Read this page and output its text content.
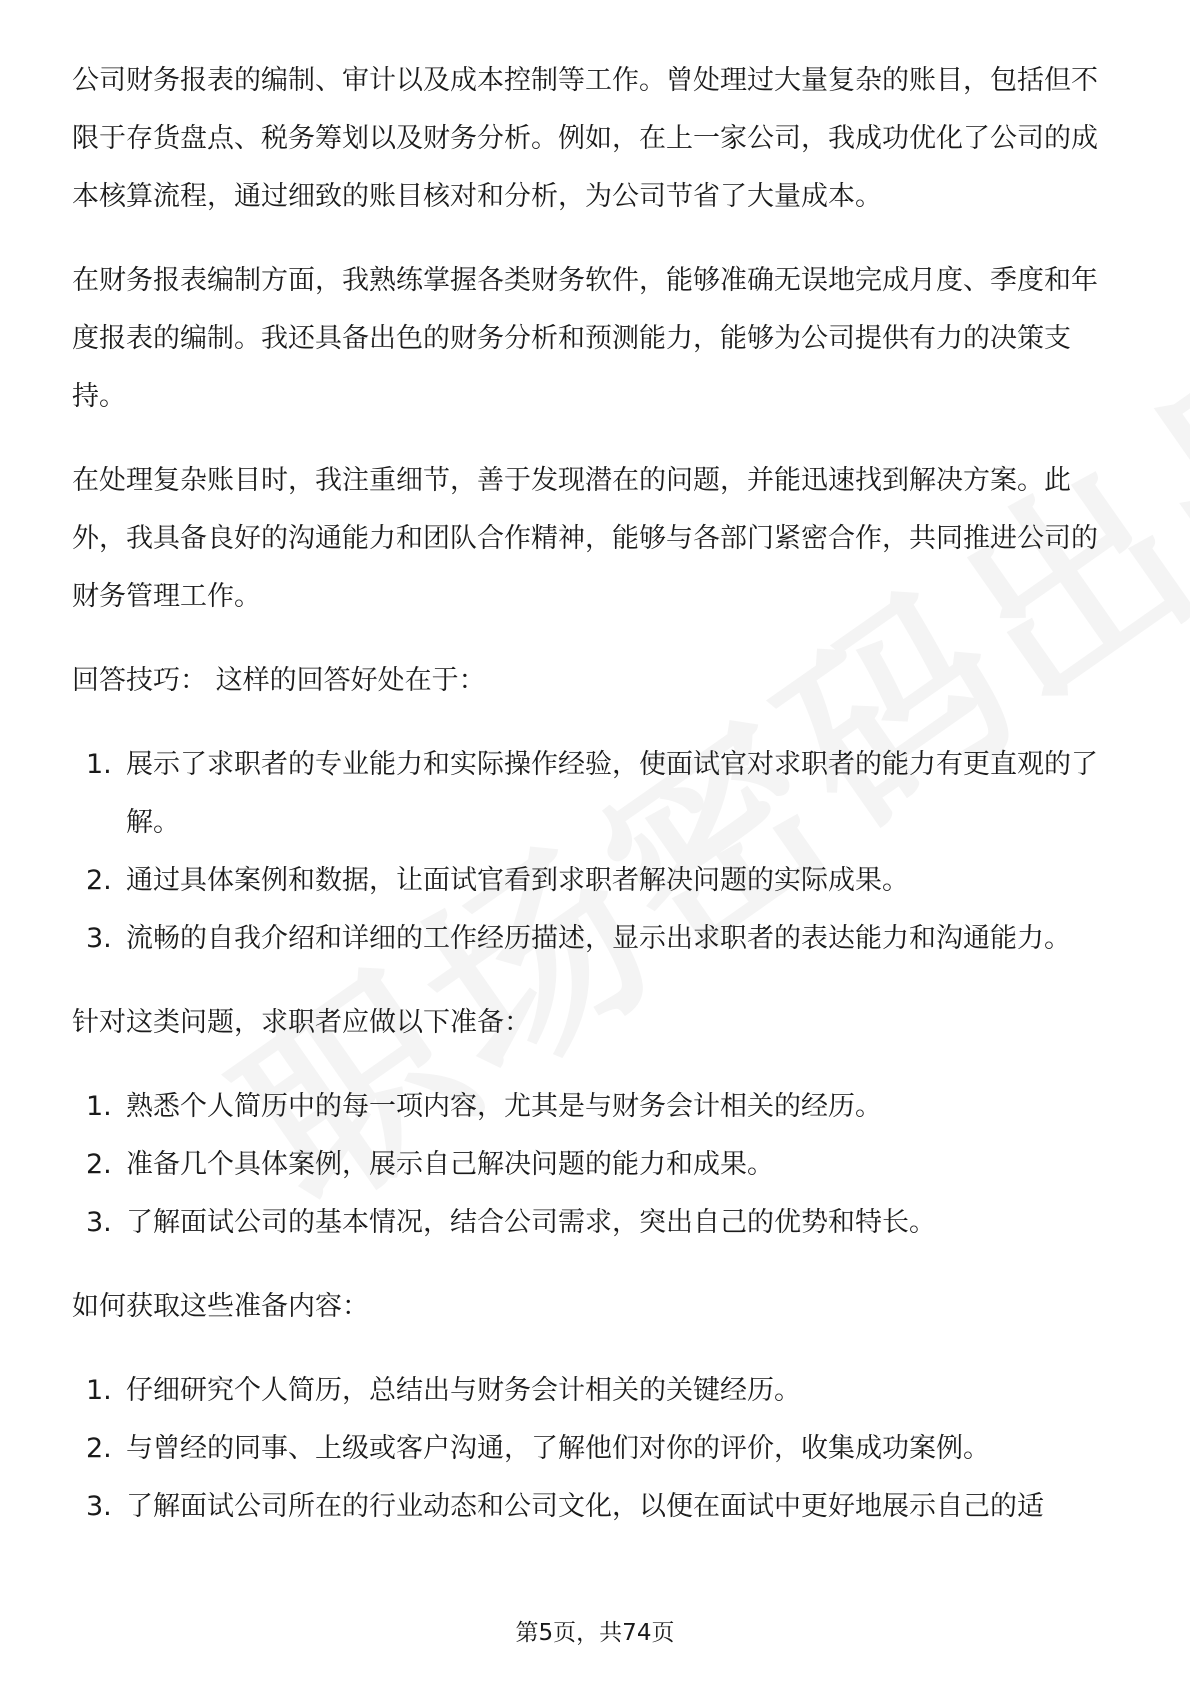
公司财务报表的编制、审计以及成本控制等工作。曾处理过大量复杂的账目，包括但不限于存货盘点、税务筹划以及财务分析。例如，在上一家公司，我成功优化了公司的成本核算流程，通过细致的账目核对和分析，为公司节省了大量成本。

在财务报表编制方面，我熟练掌握各类财务软件，能够准确无误地完成月度、季度和年度报表的编制。我还具备出色的财务分析和预测能力，能够为公司提供有力的决策支持。

在处理复杂账目时，我注重细节，善于发现潜在的问题，并能迅速找到解决方案。此外，我具备良好的沟通能力和团队合作精神，能够与各部门紧密合作，共同推进公司的财务管理工作。

回答技巧： 这样的回答好处在于：

1. 展示了求职者的专业能力和实际操作经验，使面试官对求职者的能力有更直观的了解。
2. 通过具体案例和数据，让面试官看到求职者解决问题的实际成果。
3. 流畅的自我介绍和详细的工作经历描述，显示出求职者的表达能力和沟通能力。

针对这类问题，求职者应做以下准备：

1. 熟悉个人简历中的每一项内容，尤其是与财务会计相关的经历。
2. 准备几个具体案例，展示自己解决问题的能力和成果。
3. 了解面试公司的基本情况，结合公司需求，突出自己的优势和特长。

如何获取这些准备内容：

1. 仔细研究个人简历，总结出与财务会计相关的关键经历。
2. 与曾经的同事、上级或客户沟通，了解他们对你的评价，收集成功案例。
3. 了解面试公司所在的行业动态和公司文化，以便在面试中更好地展示自己的适
第5页，共74页
